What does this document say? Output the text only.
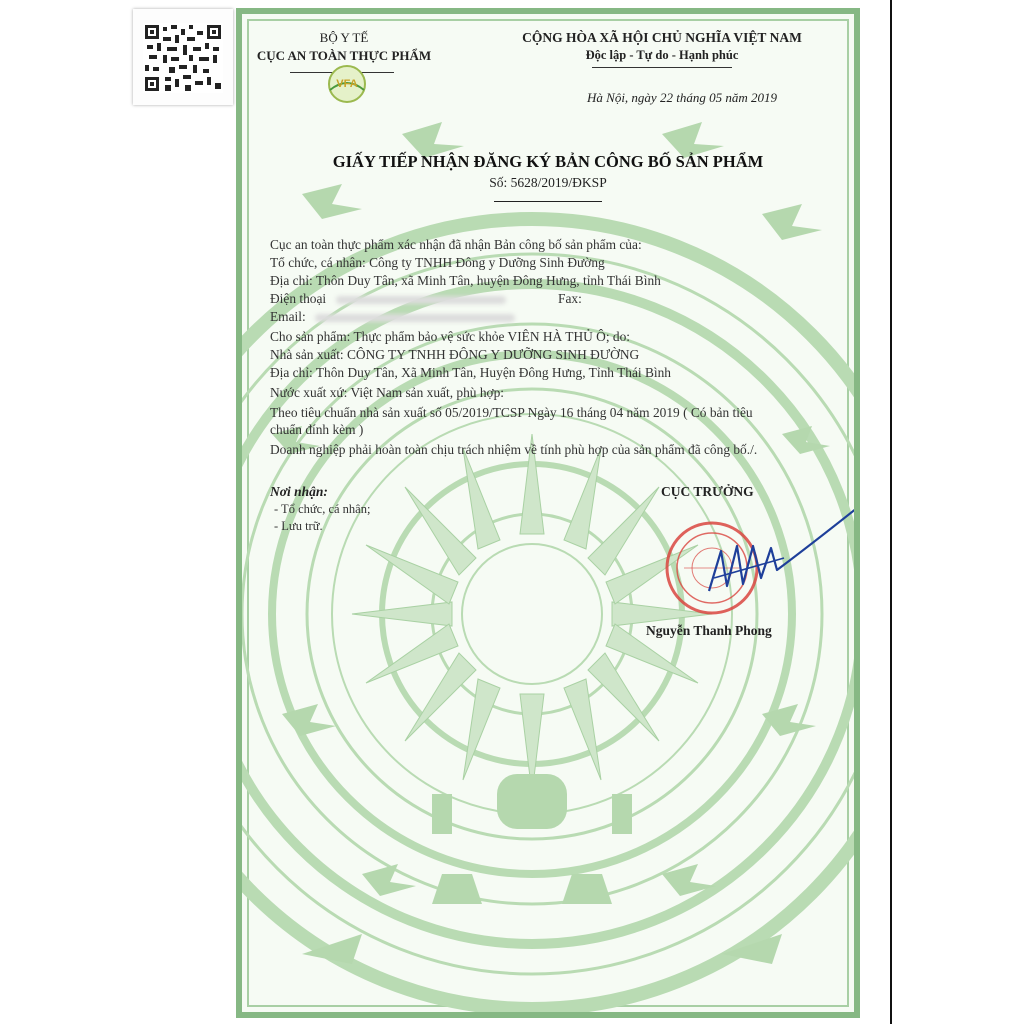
BỘ Y TẾ
CỤC AN TOÀN THỰC PHẨM
VFA
CỘNG HÒA XÃ HỘI CHỦ NGHĨA VIỆT NAM
Độc lập - Tự do - Hạnh phúc
Hà Nội, ngày 22 tháng 05 năm 2019
GIẤY TIẾP NHẬN ĐĂNG KÝ BẢN CÔNG BỐ SẢN PHẨM
Số: 5628/2019/ĐKSP
Cục an toàn thực phẩm xác nhận đã nhận Bản công bố sản phẩm của:
Tổ chức, cá nhân: Công ty TNHH Đông y Dưỡng Sinh Đường
Địa chỉ: Thôn Duy Tân, xã Minh Tân, huyện Đông Hưng, tỉnh Thái Bình
Điện thoại	Fax:
Email:
Cho sản phẩm: Thực phẩm bảo vệ sức khỏe VIÊN HÀ THỦ Ô; do:
Nhà sản xuất: CÔNG TY TNHH ĐÔNG Y DƯỠNG SINH ĐƯỜNG
Địa chỉ: Thôn Duy Tân, Xã Minh Tân, Huyện Đông Hưng, Tỉnh Thái Bình
Nước xuất xứ: Việt Nam sản xuất, phù hợp:
Theo tiêu chuẩn nhà sản xuất số 05/2019/TCSP Ngày 16 tháng 04 năm 2019 ( Có bản tiêu
chuẩn đính kèm )
Doanh nghiệp phải hoàn toàn chịu trách nhiệm về tính phù hợp của sản phẩm đã công bố./.
Nơi nhận:
- Tổ chức, cá nhân;
- Lưu trữ.
CỤC TRƯỞNG
Nguyễn Thanh Phong
